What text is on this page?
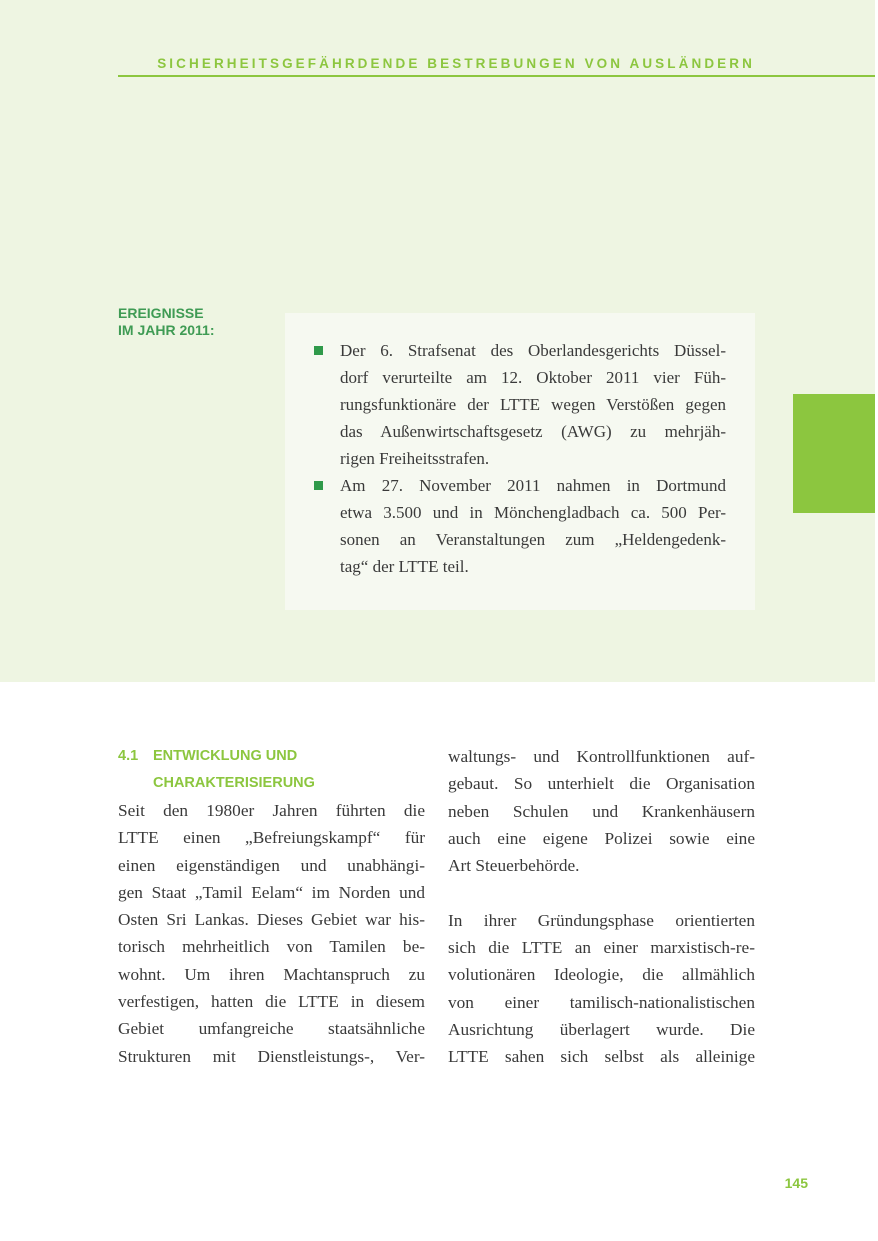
SICHERHEITSGEFÄHRDENDE BESTREBUNGEN VON AUSLÄNDERN
EREIGNISSE
IM JAHR 2011:
Der 6. Strafsenat des Oberlandesgerichts Düssel-
dorf verurteilte am 12. Oktober 2011 vier Füh-
rungsfunktionäre der LTTE wegen Verstößen gegen
das Außenwirtschaftsgesetz (AWG) zu mehrjäh-
rigen Freiheitsstrafen.
Am 27. November 2011 nahmen in Dortmund
etwa 3.500 und in Mönchengladbach ca. 500 Per-
sonen an Veranstaltungen zum „Heldengedenk-
tag“ der LTTE teil.
4.1	ENTWICKLUNG UND
CHARAKTERISIERUNG
Seit den 1980er Jahren führten die
LTTE einen „Befreiungskampf“ für
einen eigenständigen und unabhängi-
gen Staat „Tamil Eelam“ im Norden und
Osten Sri Lankas. Dieses Gebiet war his-
torisch mehrheitlich von Tamilen be-
wohnt. Um ihren Machtanspruch zu
verfestigen, hatten die LTTE in diesem
Gebiet umfangreiche staatsähnliche
Strukturen mit Dienstleistungs-, Ver-
waltungs- und Kontrollfunktionen auf-
gebaut. So unterhielt die Organisation
neben Schulen und Krankenhäusern
auch eine eigene Polizei sowie eine
Art Steuerbehörde.
In ihrer Gründungsphase orientierten
sich die LTTE an einer marxistisch-re-
volutionären Ideologie, die allmählich
von einer tamilisch-nationalistischen
Ausrichtung überlagert wurde. Die
LTTE sahen sich selbst als alleinige
145
